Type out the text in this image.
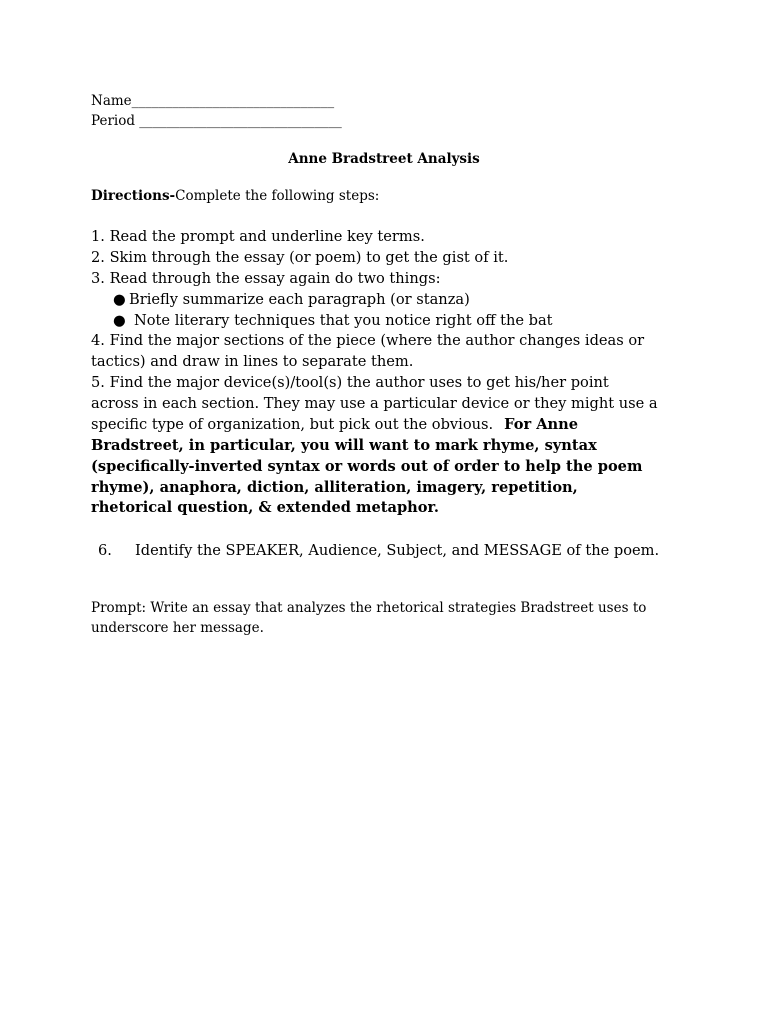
Name______________________________
Period ______________________________
Anne Bradstreet Analysis
Directions-Complete the following steps:
1. Read the prompt and underline key terms.
2. Skim through the essay (or poem) to get the gist of it.
3. Read through the essay again do two things:
● Briefly summarize each paragraph (or stanza)
● Note literary techniques that you notice right off the bat
4. Find the major sections of the piece (where the author changes ideas or
tactics) and draw in lines to separate them.
5. Find the major device(s)/tool(s) the author uses to get his/her point
across in each section. They may use a particular device or they might use a
specific type of organization, but pick out the obvious. For Anne
Bradstreet, in particular, you will want to mark rhyme, syntax
(specifically-inverted syntax or words out of order to help the poem
rhyme), anaphora, diction, alliteration, imagery, repetition,
rhetorical question, & extended metaphor.
6. Identify the SPEAKER, Audience, Subject, and MESSAGE of the poem.
Prompt: Write an essay that analyzes the rhetorical strategies Bradstreet uses to
underscore her message.
